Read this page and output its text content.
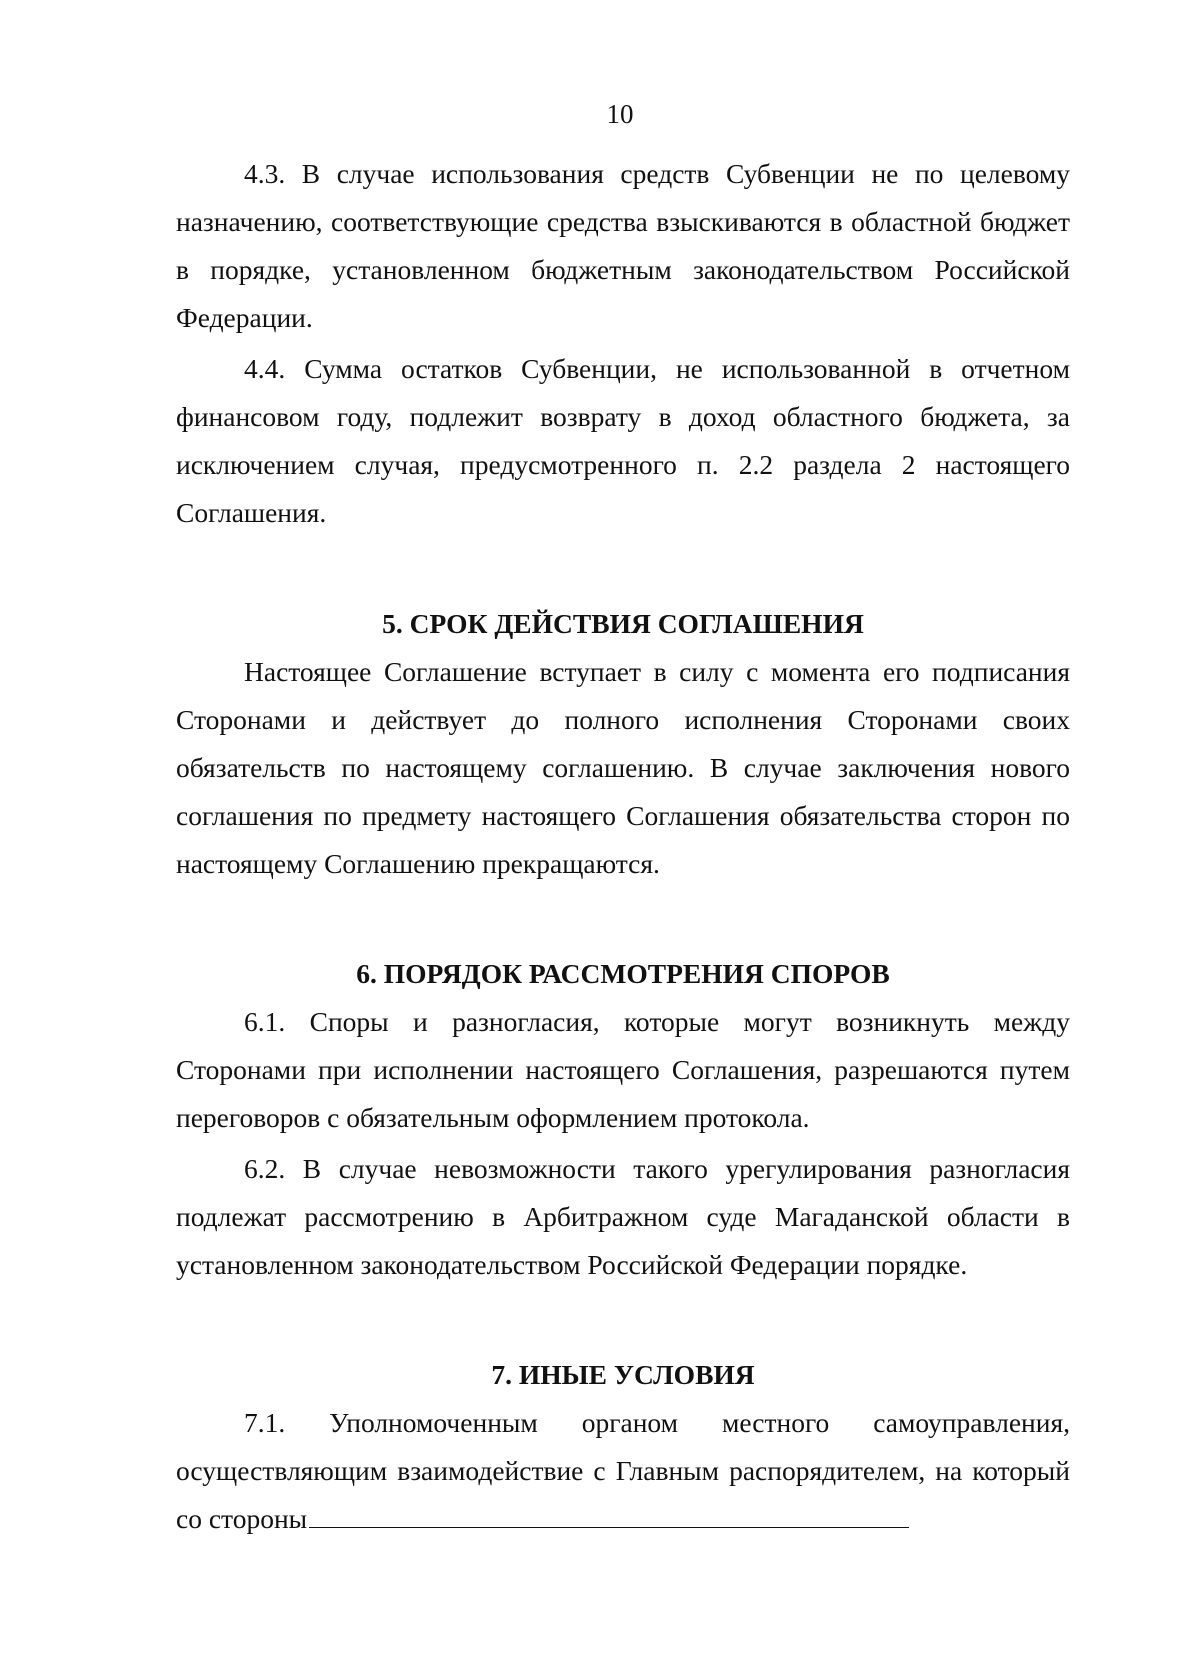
10

4.3. В случае использования средств Субвенции не по целевому назначению, соответствующие средства взыскиваются в областной бюджет в порядке, установленном бюджетным законодательством Российской Федерации.

4.4. Сумма остатков Субвенции, не использованной в отчетном финансовом году, подлежит возврату в доход областного бюджета, за исключением случая, предусмотренного п. 2.2 раздела 2 настоящего Соглашения.

5. СРОК ДЕЙСТВИЯ СОГЛАШЕНИЯ

Настоящее Соглашение вступает в силу с момента его подписания Сторонами и действует до полного исполнения Сторонами своих обязательств по настоящему соглашению. В случае заключения нового соглашения по предмету настоящего Соглашения обязательства сторон по настоящему Соглашению прекращаются.

6. ПОРЯДОК РАССМОТРЕНИЯ СПОРОВ

6.1. Споры и разногласия, которые могут возникнуть между Сторонами при исполнении настоящего Соглашения, разрешаются путем переговоров с обязательным оформлением протокола.

6.2. В случае невозможности такого урегулирования разногласия подлежат рассмотрению в Арбитражном суде Магаданской области в установленном законодательством Российской Федерации порядке.

7. ИНЫЕ УСЛОВИЯ

7.1. Уполномоченным органом местного самоуправления, осуществляющим взаимодействие с Главным распорядителем, на который со стороны
